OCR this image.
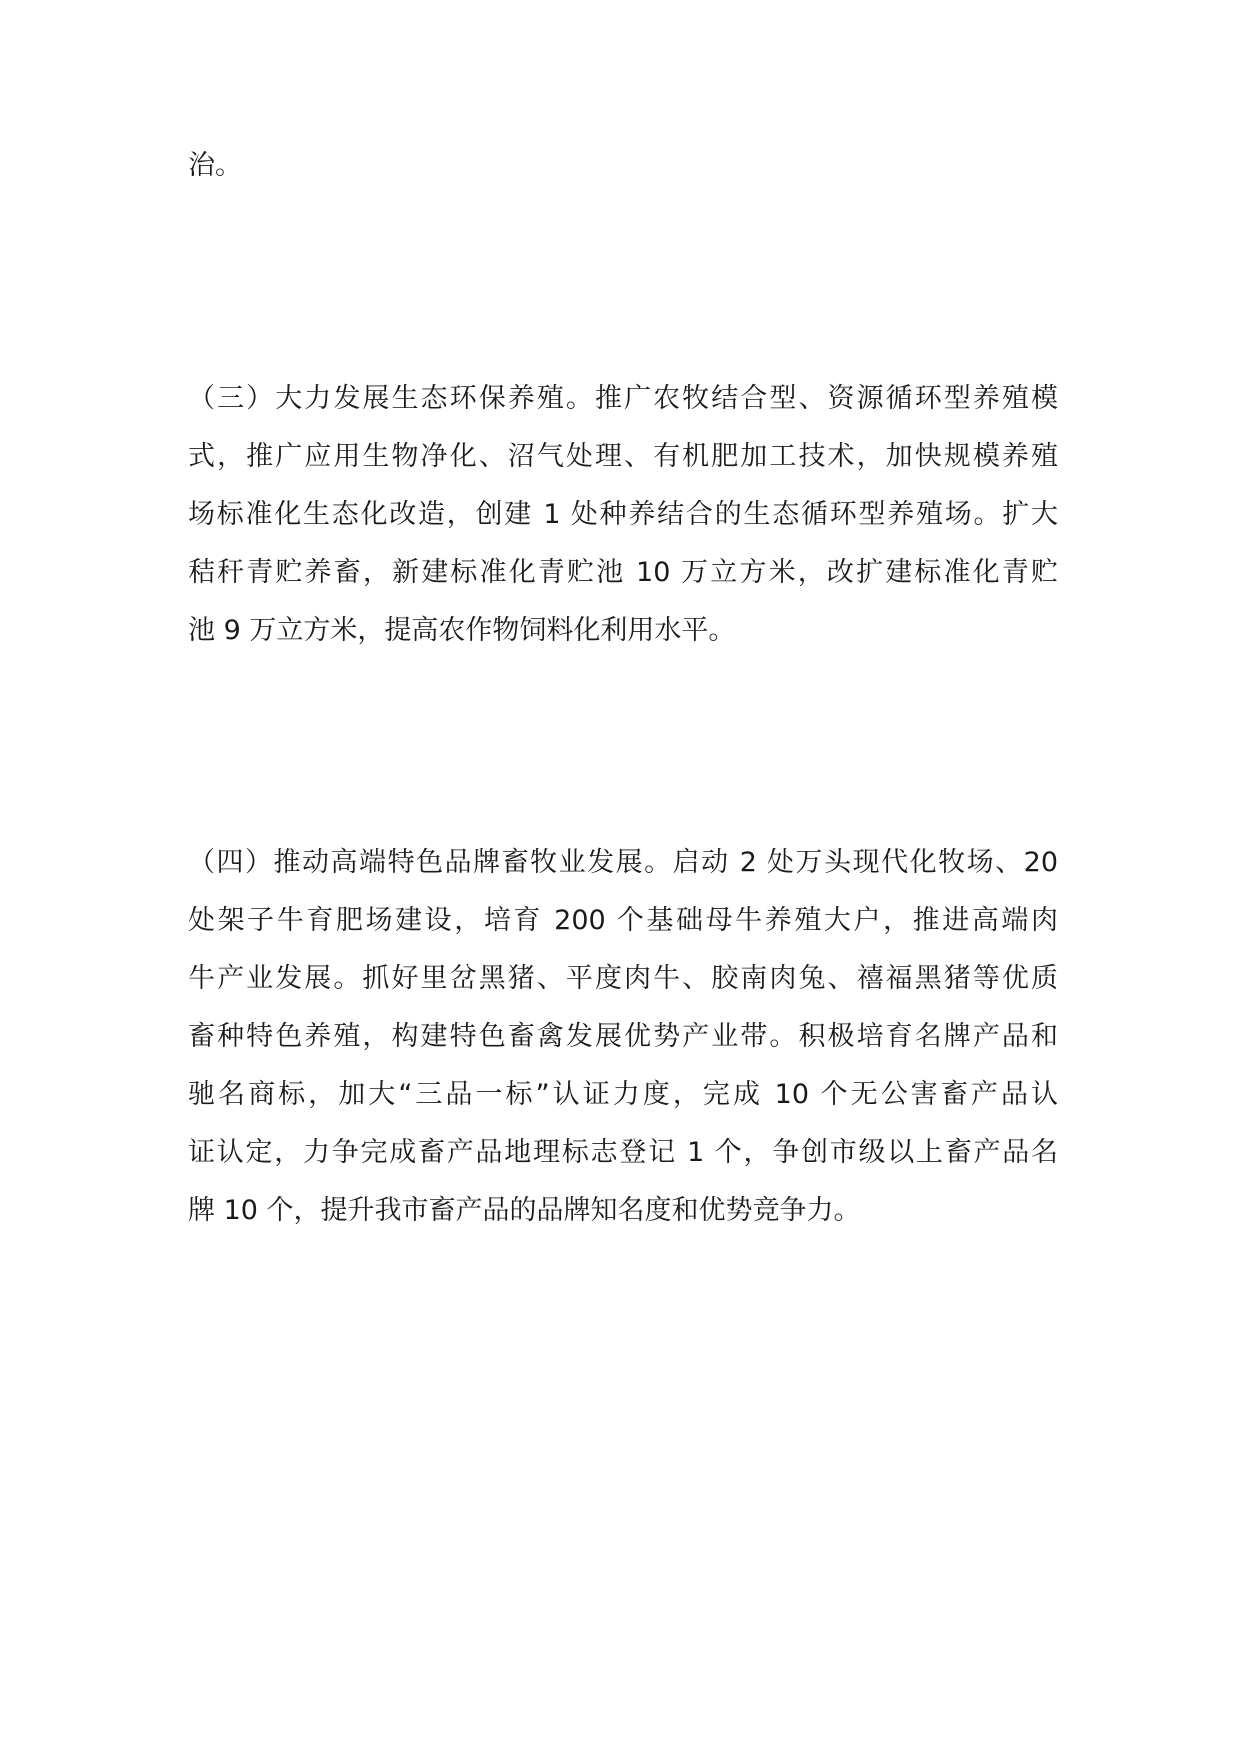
治。
（三）大力发展生态环保养殖。推广农牧结合型、资源循环型养殖模
式，推广应用生物净化、沼气处理、有机肥加工技术，加快规模养殖
场标准化生态化改造，创建 1 处种养结合的生态循环型养殖场。扩大
秸秆青贮养畜，新建标准化青贮池 10 万立方米，改扩建标准化青贮
池 9 万立方米，提高农作物饲料化利用水平。
（四）推动高端特色品牌畜牧业发展。启动 2 处万头现代化牧场、20
处架子牛育肥场建设，培育 200 个基础母牛养殖大户，推进高端肉
牛产业发展。抓好里岔黑猪、平度肉牛、胶南肉兔、禧福黑猪等优质
畜种特色养殖，构建特色畜禽发展优势产业带。积极培育名牌产品和
驰名商标，加大“三品一标”认证力度，完成 10 个无公害畜产品认
证认定，力争完成畜产品地理标志登记 1 个，争创市级以上畜产品名
牌 10 个，提升我市畜产品的品牌知名度和优势竞争力。
